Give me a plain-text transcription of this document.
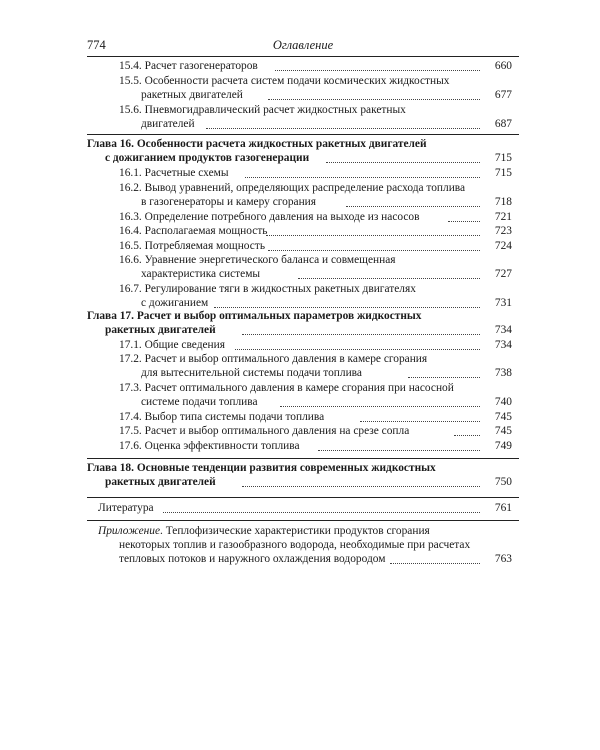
774	Оглавление
15.4. Расчет газогенераторов	660
15.5. Особенности расчета систем подачи космических жидкостных
ракетных двигателей	677
15.6. Пневмогидравлический расчет жидкостных ракетных
двигателей	687
Глава 16. Особенности расчета жидкостных ракетных двигателей
с дожиганием продуктов газогенерации	715
16.1. Расчетные схемы	715
16.2. Вывод уравнений, определяющих распределение расхода топлива
в газогенераторы и камеру сгорания	718
16.3. Определение потребного давления на выходе из насосов	721
16.4. Располагаемая мощность	723
16.5. Потребляемая мощность	724
16.6. Уравнение энергетического баланса и совмещенная
характеристика системы	727
16.7. Регулирование тяги в жидкостных ракетных двигателях
с дожиганием	731
Глава 17. Расчет и выбор оптимальных параметров жидкостных
ракетных двигателей	734
17.1. Общие сведения	734
17.2. Расчет и выбор оптимального давления в камере сгорания
для вытеснительной системы подачи топлива	738
17.3. Расчет оптимального давления в камере сгорания при насосной
системе подачи топлива	740
17.4. Выбор типа системы подачи топлива	745
17.5. Расчет и выбор оптимального давления на срезе сопла	745
17.6. Оценка эффективности топлива	749
Глава 18. Основные тенденции развития современных жидкостных
ракетных двигателей	750
Литература	761
Приложение. Теплофизические характеристики продуктов сгорания
некоторых топлив и газообразного водорода, необходимые при расчетах
тепловых потоков и наружного охлаждения водородом	763
